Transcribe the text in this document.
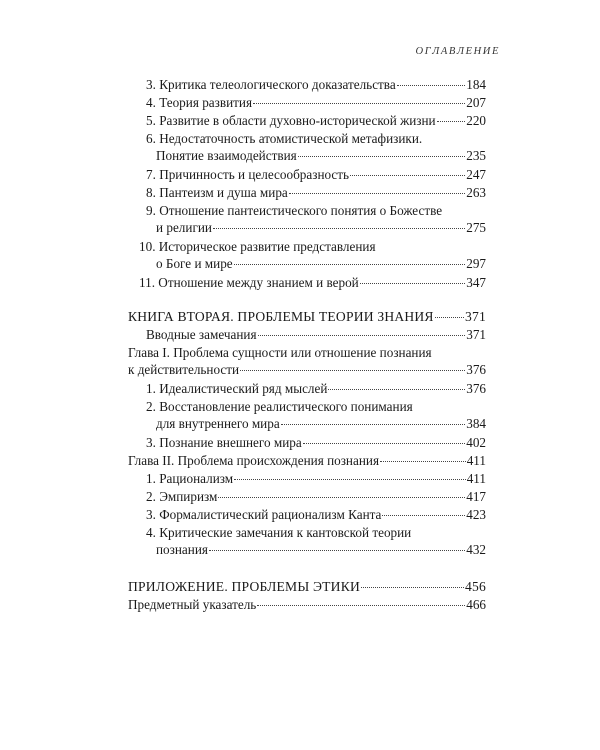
ОГЛАВЛЕНИЕ
3. Критика телеологического доказательства	184
4. Теория развития	207
5. Развитие в области духовно-исторической жизни 220
6. Недостаточность атомистической метафизики.
Понятие взаимодействия	235
7. Причинность и целесообразность	247
8. Пантеизм и душа мира	263
9. Отношение пантеистического понятия о Божестве
и религии	275
10. Историческое развитие представления
о Боге и мире	297
11. Отношение между знанием и верой	347
КНИГА ВТОРАЯ. ПРОБЛЕМЫ ТЕОРИИ ЗНАНИЯ 371
Вводные замечания	371
Глава I. Проблема сущности или отношение познания
к действительности	376
1. Идеалистический ряд мыслей	376
2. Восстановление реалистического понимания
для внутреннего мира	384
3. Познание внешнего мира	402
Глава II. Проблема происхождения познания	411
1. Рационализм	411
2. Эмпиризм	417
3. Формалистический рационализм Канта	423
4. Критические замечания к кантовской теории
познания	432
ПРИЛОЖЕНИЕ. ПРОБЛЕМЫ ЭТИКИ	456
Предметный указатель	466
